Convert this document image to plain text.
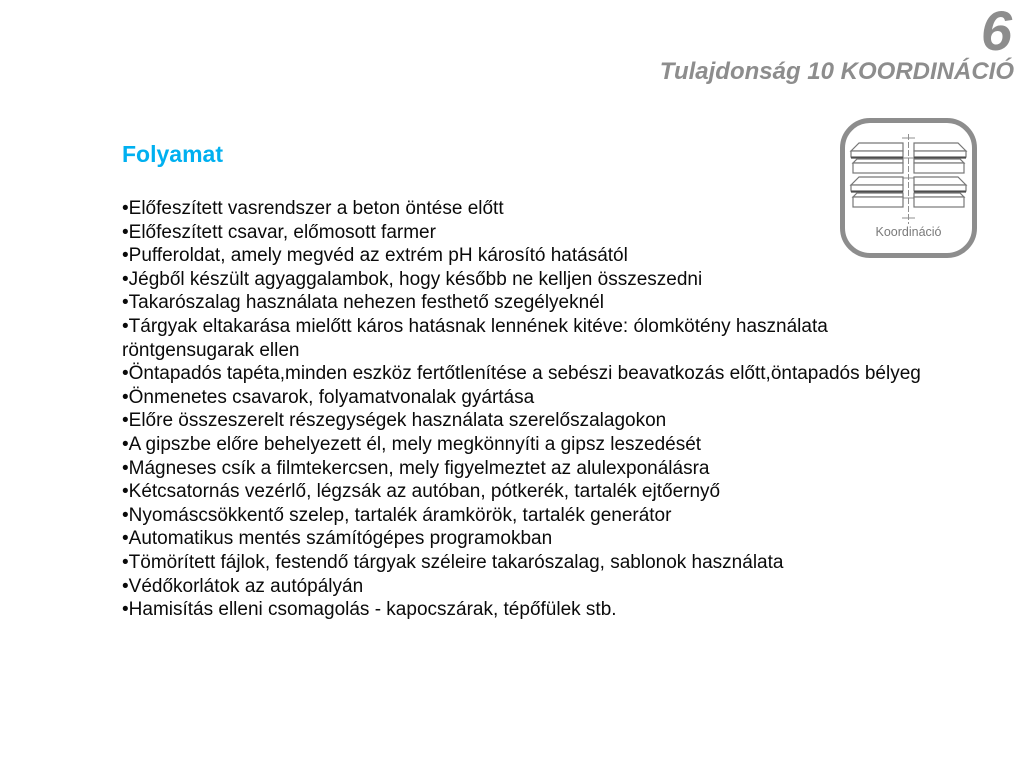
6
Tulajdonság 10 KOORDINÁCIÓ
Folyamat
•Előfeszített vasrendszer a beton öntése előtt
•Előfeszített csavar, előmosott farmer
•Pufferoldat, amely megvéd az extrém pH károsító hatásától
•Jégből készült agyaggalambok, hogy később ne kelljen összeszedni
•Takarószalag használata nehezen festhető szegélyeknél
•Tárgyak eltakarása mielőtt káros hatásnak lennének kitéve: ólomkötény használata röntgensugarak ellen
•Öntapadós tapéta,minden eszköz fertőtlenítése a sebészi beavatkozás előtt,öntapadós bélyeg
•Önmenetes csavarok, folyamatvonalak gyártása
•Előre összeszerelt részegységek használata szerelőszalagokon
•A gipszbe előre behelyezett él, mely megkönnyíti a gipsz leszedését
•Mágneses csík a filmtekercsen, mely figyelmeztet az alulexponálásra
•Kétcsatornás vezérlő, légzsák az autóban, pótkerék, tartalék ejtőernyő
•Nyomáscsökkentő szelep, tartalék áramkörök, tartalék generátor
•Automatikus mentés számítógépes programokban
•Tömörített fájlok, festendő tárgyak széleire takarószalag, sablonok használata
•Védőkorlátok az autópályán
•Hamisítás elleni csomagolás - kapocszárak, tépőfülek stb.
Koordináció
